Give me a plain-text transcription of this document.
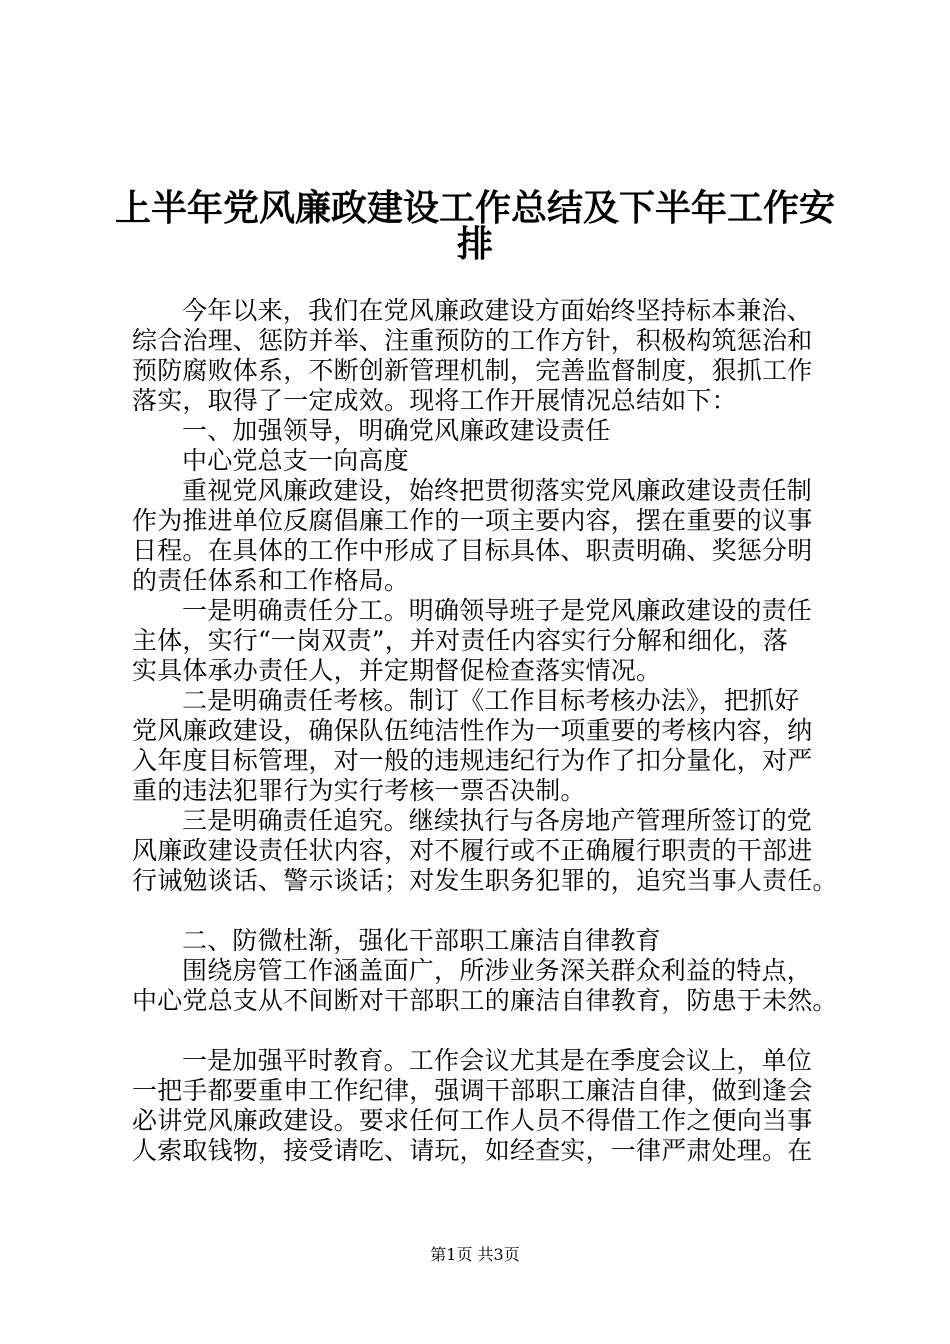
上半年党风廉政建设工作总结及下半年工作安
排
今年以来，我们在党风廉政建设方面始终坚持标本兼治、
综合治理、惩防并举、注重预防的工作方针，积极构筑惩治和
预防腐败体系，不断创新管理机制，完善监督制度，狠抓工作
落实，取得了一定成效。现将工作开展情况总结如下：
一、加强领导，明确党风廉政建设责任
中心党总支一向高度
重视党风廉政建设，始终把贯彻落实党风廉政建设责任制
作为推进单位反腐倡廉工作的一项主要内容，摆在重要的议事
日程。在具体的工作中形成了目标具体、职责明确、奖惩分明
的责任体系和工作格局。
一是明确责任分工。明确领导班子是党风廉政建设的责任
主体，实行“一岗双责”，并对责任内容实行分解和细化，落
实具体承办责任人，并定期督促检查落实情况。
二是明确责任考核。制订《工作目标考核办法》，把抓好
党风廉政建设，确保队伍纯洁性作为一项重要的考核内容，纳
入年度目标管理，对一般的违规违纪行为作了扣分量化，对严
重的违法犯罪行为实行考核一票否决制。
三是明确责任追究。继续执行与各房地产管理所签订的党
风廉政建设责任状内容，对不履行或不正确履行职责的干部进
行诫勉谈话、警示谈话；对发生职务犯罪的，追究当事人责任。
二、防微杜渐，强化干部职工廉洁自律教育
围绕房管工作涵盖面广，所涉业务深关群众利益的特点，
中心党总支从不间断对干部职工的廉洁自律教育，防患于未然。
一是加强平时教育。工作会议尤其是在季度会议上，单位
一把手都要重申工作纪律，强调干部职工廉洁自律，做到逢会
必讲党风廉政建设。要求任何工作人员不得借工作之便向当事
人索取钱物，接受请吃、请玩，如经查实，一律严肃处理。在
第1页 共3页
